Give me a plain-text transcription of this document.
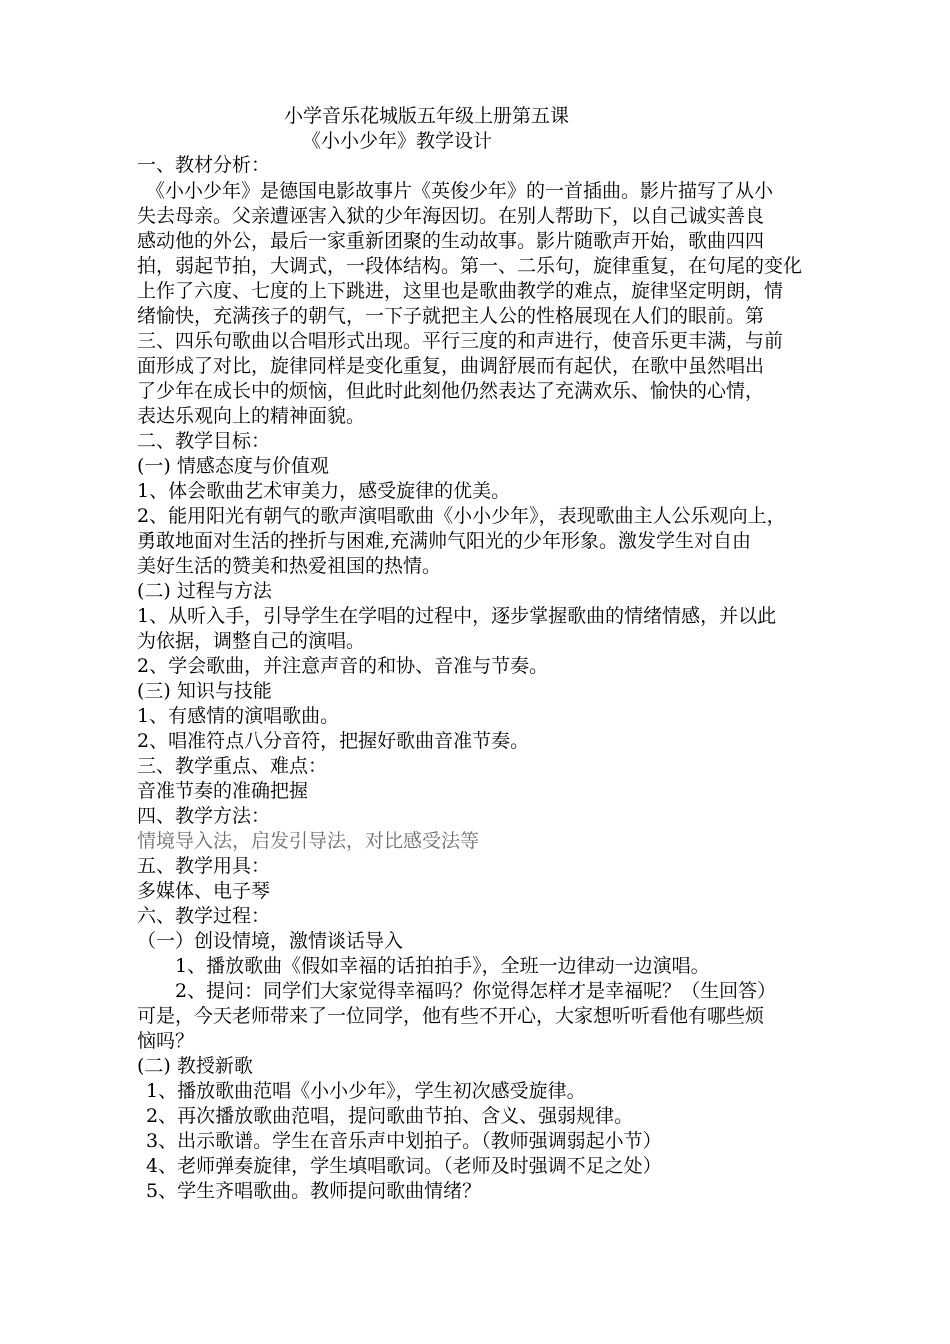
小学音乐花城版五年级上册第五课
《小小少年》教学设计
一、教材分析：
《小小少年》是德国电影故事片《英俊少年》的一首插曲。影片描写了从小
失去母亲。父亲遭诬害入狱的少年海因切。在别人帮助下，以自己诚实善良
感动他的外公，最后一家重新团聚的生动故事。影片随歌声开始，歌曲四四
拍，弱起节拍，大调式，一段体结构。第一、二乐句，旋律重复，在句尾的变化
上作了六度、七度的上下跳进，这里也是歌曲教学的难点，旋律坚定明朗，情
绪愉快，充满孩子的朝气，一下子就把主人公的性格展现在人们的眼前。第
三、四乐句歌曲以合唱形式出现。平行三度的和声进行，使音乐更丰满，与前
面形成了对比，旋律同样是变化重复，曲调舒展而有起伏，在歌中虽然唱出
了少年在成长中的烦恼，但此时此刻他仍然表达了充满欢乐、愉快的心情，
表达乐观向上的精神面貌。
二、教学目标：
(一) 情感态度与价值观
1、体会歌曲艺术审美力，感受旋律的优美。
2、能用阳光有朝气的歌声演唱歌曲《小小少年》，表现歌曲主人公乐观向上，
勇敢地面对生活的挫折与困难,充满帅气阳光的少年形象。激发学生对自由
美好生活的赞美和热爱祖国的热情。
(二) 过程与方法
1、从听入手，引导学生在学唱的过程中，逐步掌握歌曲的情绪情感，并以此
为依据，调整自己的演唱。
2、学会歌曲，并注意声音的和协、音准与节奏。
(三) 知识与技能
1、有感情的演唱歌曲。
2、唱准符点八分音符，把握好歌曲音准节奏。
三、教学重点、难点：
音准节奏的准确把握
四、教学方法：
情境导入法，启发引导法，对比感受法等
五、教学用具：
多媒体、电子琴
六、教学过程：
（一）创设情境，激情谈话导入
1、播放歌曲《假如幸福的话拍拍手》，全班一边律动一边演唱。
2、提问：同学们大家觉得幸福吗？你觉得怎样才是幸福呢？（生回答）
可是，今天老师带来了一位同学，他有些不开心，大家想听听看他有哪些烦
恼吗？
(二) 教授新歌
1、播放歌曲范唱《小小少年》，学生初次感受旋律。
2、再次播放歌曲范唱，提问歌曲节拍、含义、强弱规律。
3、出示歌谱。学生在音乐声中划拍子。（教师强调弱起小节）
4、老师弹奏旋律，学生填唱歌词。（老师及时强调不足之处）
5、学生齐唱歌曲。教师提问歌曲情绪？
